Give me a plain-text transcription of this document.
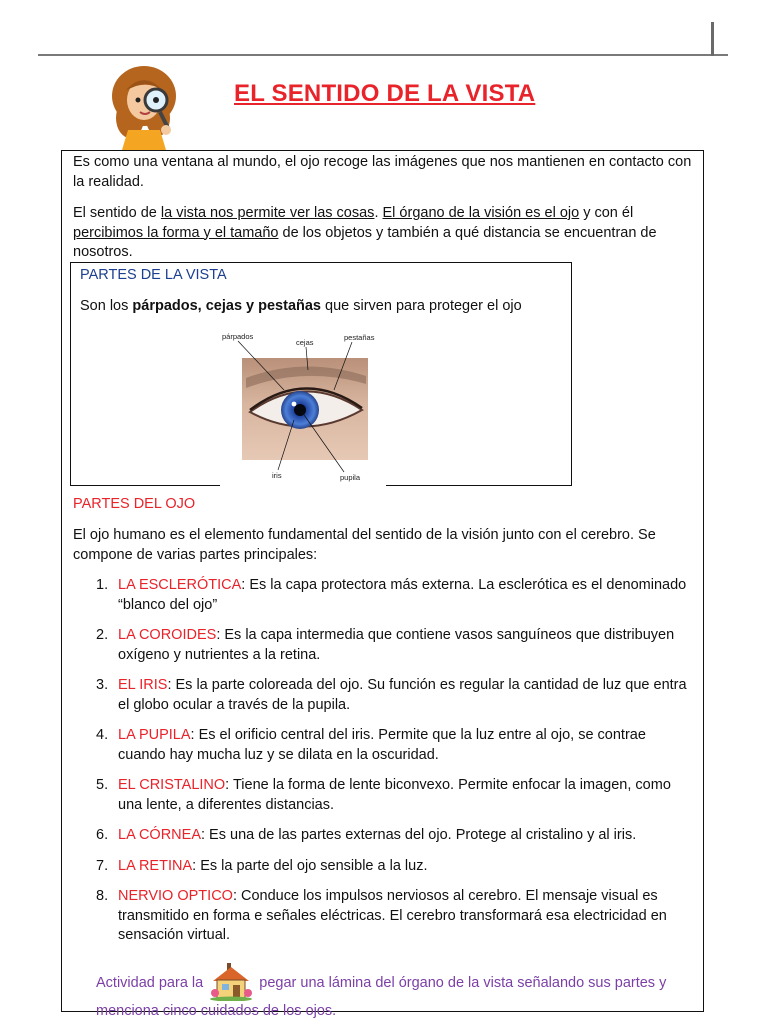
EL SENTIDO DE LA VISTA

Es como una ventana al mundo, el ojo recoge las imágenes que nos mantienen en contacto con la realidad.

El sentido de la vista nos permite ver las cosas. El órgano de la visión es el ojo y con él percibimos la forma y el tamaño de los objetos y también a qué distancia se encuentran de nosotros.

PARTES DE LA VISTA

Son los párpados, cejas y pestañas que sirven para proteger el ojo

párpados
cejas
pestañas
iris	pupila

PARTES DEL OJO

El ojo humano es el elemento fundamental del sentido de la visión junto con el cerebro. Se compone de varias partes principales:

1. LA ESCLERÓTICA: Es la capa protectora más externa. La esclerótica es el denominado “blanco del ojo”
2. LA COROIDES: Es la capa intermedia que contiene vasos sanguíneos que distribuyen oxígeno y nutrientes a la retina.
3. EL IRIS: Es la parte coloreada del ojo. Su función es regular la cantidad de luz que entra el globo ocular a través de la pupila.
4. LA PUPILA: Es el orificio central del iris. Permite que la luz entre al ojo, se contrae cuando hay mucha luz y se dilata en la oscuridad.
5. EL CRISTALINO: Tiene la forma de lente biconvexo. Permite enfocar la imagen, como una lente, a diferentes distancias.
6. LA CÓRNEA: Es una de las partes externas del ojo. Protege al cristalino y al iris.
7. LA RETINA: Es la parte del ojo sensible a la luz.
8. NERVIO OPTICO: Conduce los impulsos nerviosos al cerebro. El mensaje visual es transmitido en forma e señales eléctricas. El cerebro transformará esa electricidad en sensación virtual.

Actividad para la	pegar una lámina del órgano de la vista señalando sus partes y menciona cinco cuidados de los ojos.
